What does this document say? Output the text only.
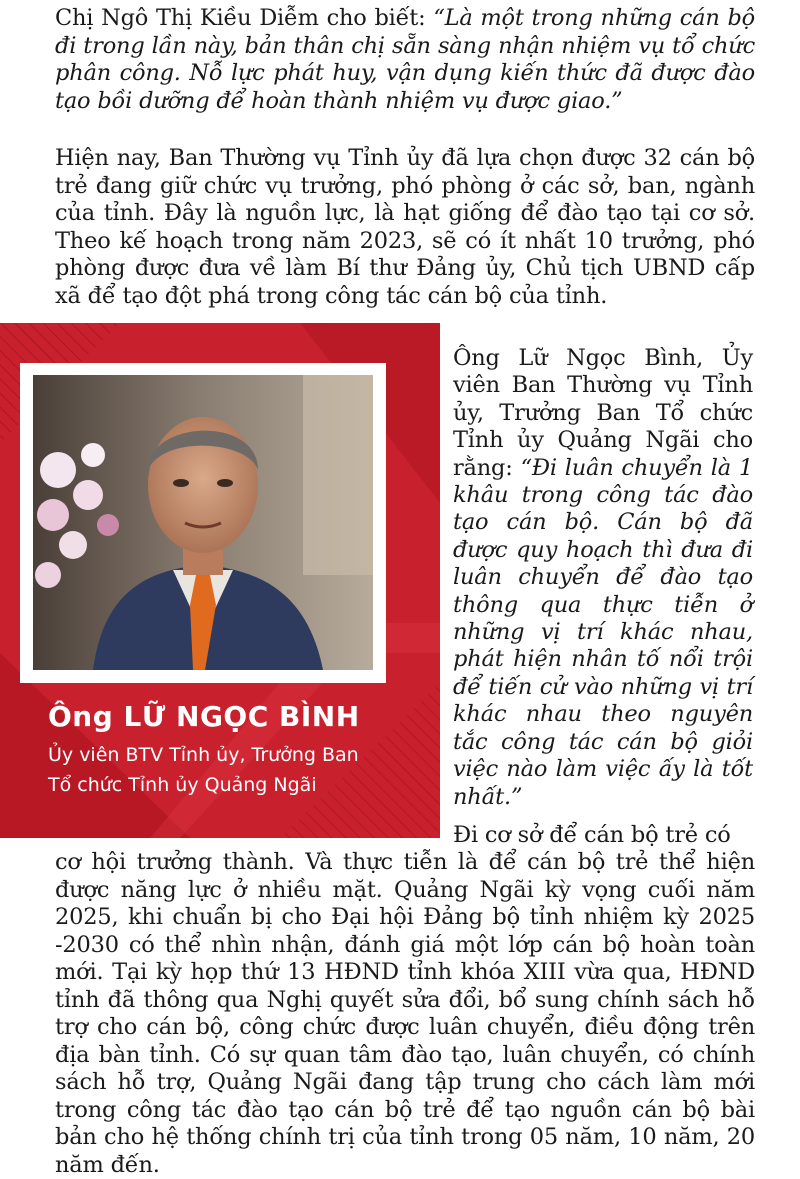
Chị Ngô Thị Kiều Diễm cho biết: “Là một trong những cán bộ đi trong lần này, bản thân chị sẵn sàng nhận nhiệm vụ tổ chức phân công. Nỗ lực phát huy, vận dụng kiến thức đã được đào tạo bồi dưỡng để hoàn thành nhiệm vụ được giao.”

Hiện nay, Ban Thường vụ Tỉnh ủy đã lựa chọn được 32 cán bộ trẻ đang giữ chức vụ trưởng, phó phòng ở các sở, ban, ngành của tỉnh. Đây là nguồn lực, là hạt giống để đào tạo tại cơ sở. Theo kế hoạch trong năm 2023, sẽ có ít nhất 10 trưởng, phó phòng được đưa về làm Bí thư Đảng ủy, Chủ tịch UBND cấp xã để tạo đột phá trong công tác cán bộ của tỉnh.

Ông LỮ NGỌC BÌNH
Ủy viên BTV Tỉnh ủy, Trưởng Ban
Tổ chức Tỉnh ủy Quảng Ngãi

Ông Lữ Ngọc Bình, Ủy viên Ban Thường vụ Tỉnh ủy, Trưởng Ban Tổ chức Tỉnh ủy Quảng Ngãi cho rằng: “Đi luân chuyển là 1 khâu trong công tác đào tạo cán bộ. Cán bộ đã được quy hoạch thì đưa đi luân chuyển để đào tạo thông qua thực tiễn ở những vị trí khác nhau, phát hiện nhân tố nổi trội để tiến cử vào những vị trí khác nhau theo nguyên tắc công tác cán bộ giỏi việc nào làm việc ấy là tốt nhất.”

Đi cơ sở để cán bộ trẻ có

cơ hội trưởng thành. Và thực tiễn là để cán bộ trẻ thể hiện được năng lực ở nhiều mặt. Quảng Ngãi kỳ vọng cuối năm 2025, khi chuẩn bị cho Đại hội Đảng bộ tỉnh nhiệm kỳ 2025 -2030 có thể nhìn nhận, đánh giá một lớp cán bộ hoàn toàn mới. Tại kỳ họp thứ 13 HĐND tỉnh khóa XIII vừa qua, HĐND tỉnh đã thông qua Nghị quyết sửa đổi, bổ sung chính sách hỗ trợ cho cán bộ, công chức được luân chuyển, điều động trên địa bàn tỉnh. Có sự quan tâm đào tạo, luân chuyển, có chính sách hỗ trợ, Quảng Ngãi đang tập trung cho cách làm mới trong công tác đào tạo cán bộ trẻ để tạo nguồn cán bộ bài bản cho hệ thống chính trị của tỉnh trong 05 năm, 10 năm, 20 năm đến.
